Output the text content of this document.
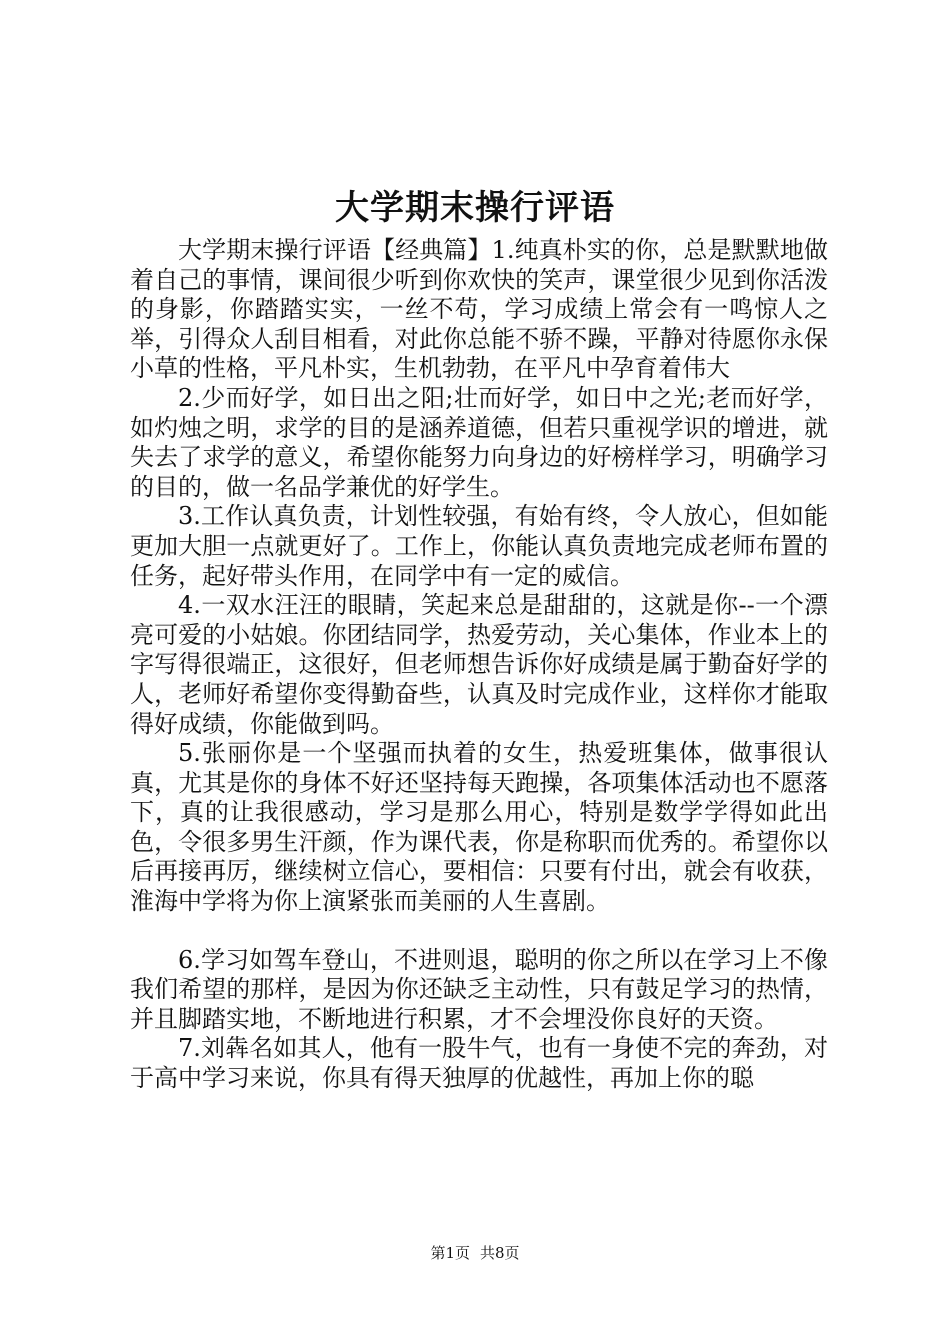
大学期末操行评语

大学期末操行评语【经典篇】1.纯真朴实的你，总是默默地做着自己的事情，课间很少听到你欢快的笑声，课堂很少见到你活泼的身影，你踏踏实实，一丝不苟，学习成绩上常会有一鸣惊人之举，引得众人刮目相看，对此你总能不骄不躁，平静对待愿你永保小草的性格，平凡朴实，生机勃勃，在平凡中孕育着伟大

2.少而好学，如日出之阳;壮而好学，如日中之光;老而好学，如灼烛之明，求学的目的是涵养道德，但若只重视学识的增进，就失去了求学的意义，希望你能努力向身边的好榜样学习，明确学习的目的，做一名品学兼优的好学生。

3.工作认真负责，计划性较强，有始有终，令人放心，但如能更加大胆一点就更好了。工作上，你能认真负责地完成老师布置的任务，起好带头作用，在同学中有一定的威信。

4.一双水汪汪的眼睛，笑起来总是甜甜的，这就是你--一个漂亮可爱的小姑娘。你团结同学，热爱劳动，关心集体，作业本上的字写得很端正，这很好，但老师想告诉你好成绩是属于勤奋好学的人，老师好希望你变得勤奋些，认真及时完成作业，这样你才能取得好成绩，你能做到吗。

5.张丽你是一个坚强而执着的女生，热爱班集体，做事很认真，尤其是你的身体不好还坚持每天跑操，各项集体活动也不愿落下，真的让我很感动，学习是那么用心，特别是数学学得如此出色，令很多男生汗颜，作为课代表，你是称职而优秀的。希望你以后再接再厉，继续树立信心，要相信：只要有付出，就会有收获，淮海中学将为你上演紧张而美丽的人生喜剧。

6.学习如驾车登山，不进则退，聪明的你之所以在学习上不像我们希望的那样，是因为你还缺乏主动性，只有鼓足学习的热情，并且脚踏实地，不断地进行积累，才不会埋没你良好的天资。

7.刘犇名如其人，他有一股牛气，也有一身使不完的奔劲，对于高中学习来说，你具有得天独厚的优越性，再加上你的聪

第1页 共8页
